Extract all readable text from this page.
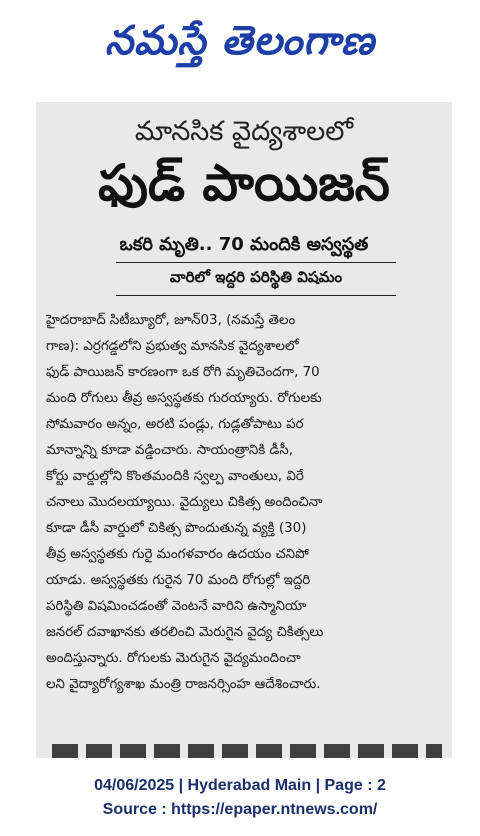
నమస్తే తెలంగాణ
మానసిక వైద్యశాలలో
ఫుడ్ పాయిజన్
ఒకరి మృతి.. 70 మందికి అస్వస్థత
వారిలో ఇద్దరి పరిస్థితి విషమం
హైదరాబాద్ సిటీబ్యూరో, జూన్03, (నమస్తే తెలం
గాణ): ఎర్రగడ్డలోని ప్రభుత్వ మానసిక వైద్యశాలలో
ఫుడ్ పాయిజన్ కారణంగా ఒక రోగి మృతిచెందగా, 70
మంది రోగులు తీవ్ర అస్వస్థతకు గురయ్యారు. రోగులకు
సోమవారం అన్నం, అరటి పండ్లు, గుడ్లతోపాటు పర
మాన్నాన్ని కూడా వడ్డించారు. సాయంత్రానికి డీసీ,
కోర్టు వార్డుల్లోని కొంతమందికి స్వల్ప వాంతులు, విరే
చనాలు మొదలయ్యాయి. వైద్యులు చికిత్స అందించినా
కూడా డీసీ వార్డులో చికిత్స పొందుతున్న వ్యక్తి (30)
తీవ్ర అస్వస్థతకు గురై మంగళవారం ఉదయం చనిపో
యాడు. అస్వస్థతకు గురైన 70 మంది రోగుల్లో ఇద్దరి
పరిస్థితి విషమించడంతో వెంటనే వారిని ఉస్మానియా
జనరల్ దవాఖానకు తరలించి మెరుగైన వైద్య చికిత్సలు
అందిస్తున్నారు. రోగులకు మెరుగైన వైద్యమందించా
లని వైద్యారోగ్యశాఖ మంత్రి రాజనర్సింహ ఆదేశించారు.
04/06/2025 | Hyderabad Main | Page : 2
Source : https://epaper.ntnews.com/
